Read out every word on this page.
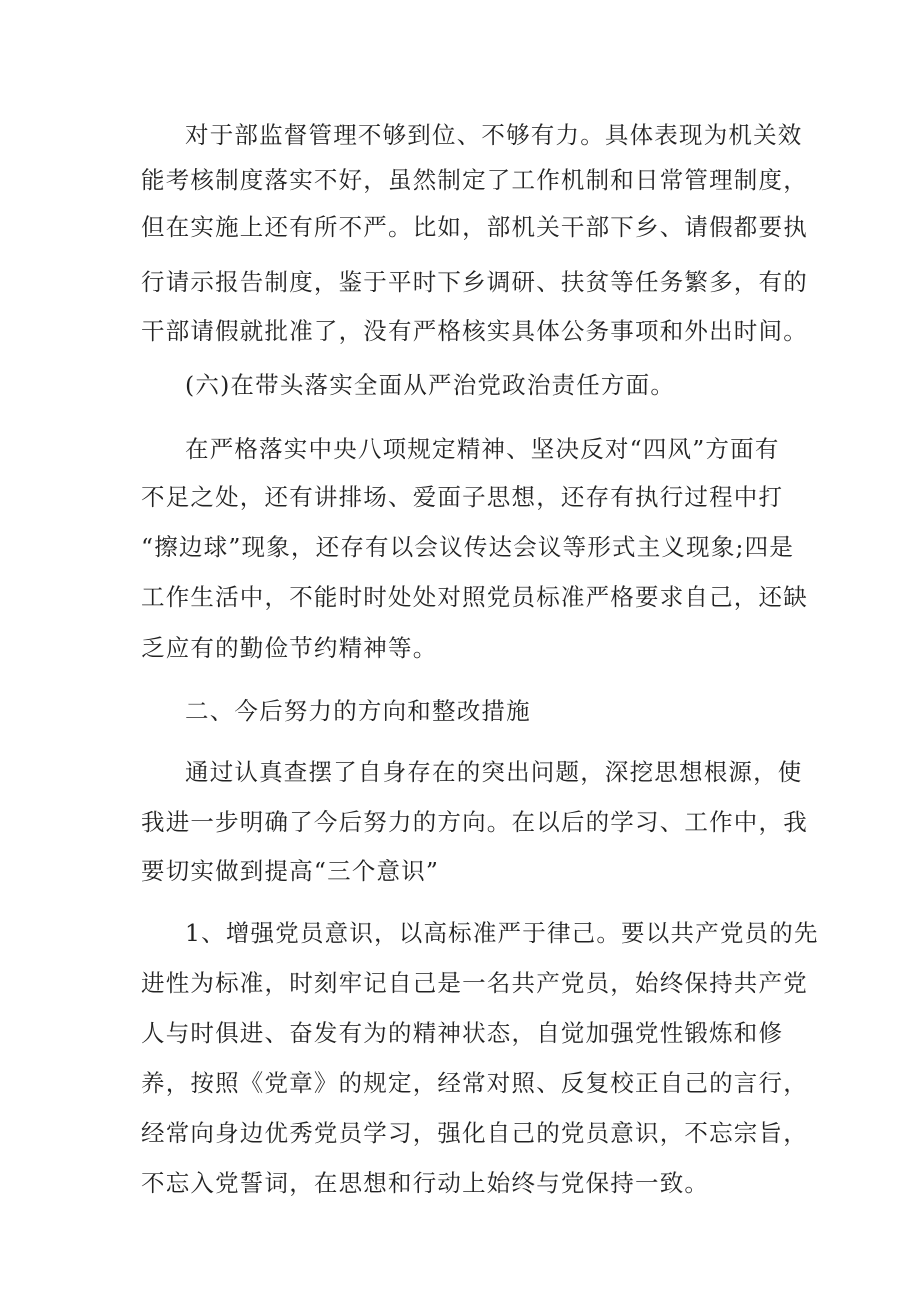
对于部监督管理不够到位、不够有力。具体表现为机关效
能考核制度落实不好，虽然制定了工作机制和日常管理制度，
但在实施上还有所不严。比如，部机关干部下乡、请假都要执
行请示报告制度，鉴于平时下乡调研、扶贫等任务繁多，有的
干部请假就批准了，没有严格核实具体公务事项和外出时间。
(六)在带头落实全面从严治党政治责任方面。
在严格落实中央八项规定精神、坚决反对“四风”方面有
不足之处，还有讲排场、爱面子思想，还存有执行过程中打
“擦边球”现象，还存有以会议传达会议等形式主义现象;四是
工作生活中，不能时时处处对照党员标准严格要求自己，还缺
乏应有的勤俭节约精神等。
二、今后努力的方向和整改措施
通过认真查摆了自身存在的突出问题，深挖思想根源，使
我进一步明确了今后努力的方向。在以后的学习、工作中，我
要切实做到提高“三个意识”
1、增强党员意识，以高标准严于律己。要以共产党员的先
进性为标准，时刻牢记自己是一名共产党员，始终保持共产党
人与时俱进、奋发有为的精神状态，自觉加强党性锻炼和修
养，按照《党章》的规定，经常对照、反复校正自己的言行，
经常向身边优秀党员学习，强化自己的党员意识，不忘宗旨，
不忘入党誓词，在思想和行动上始终与党保持一致。
